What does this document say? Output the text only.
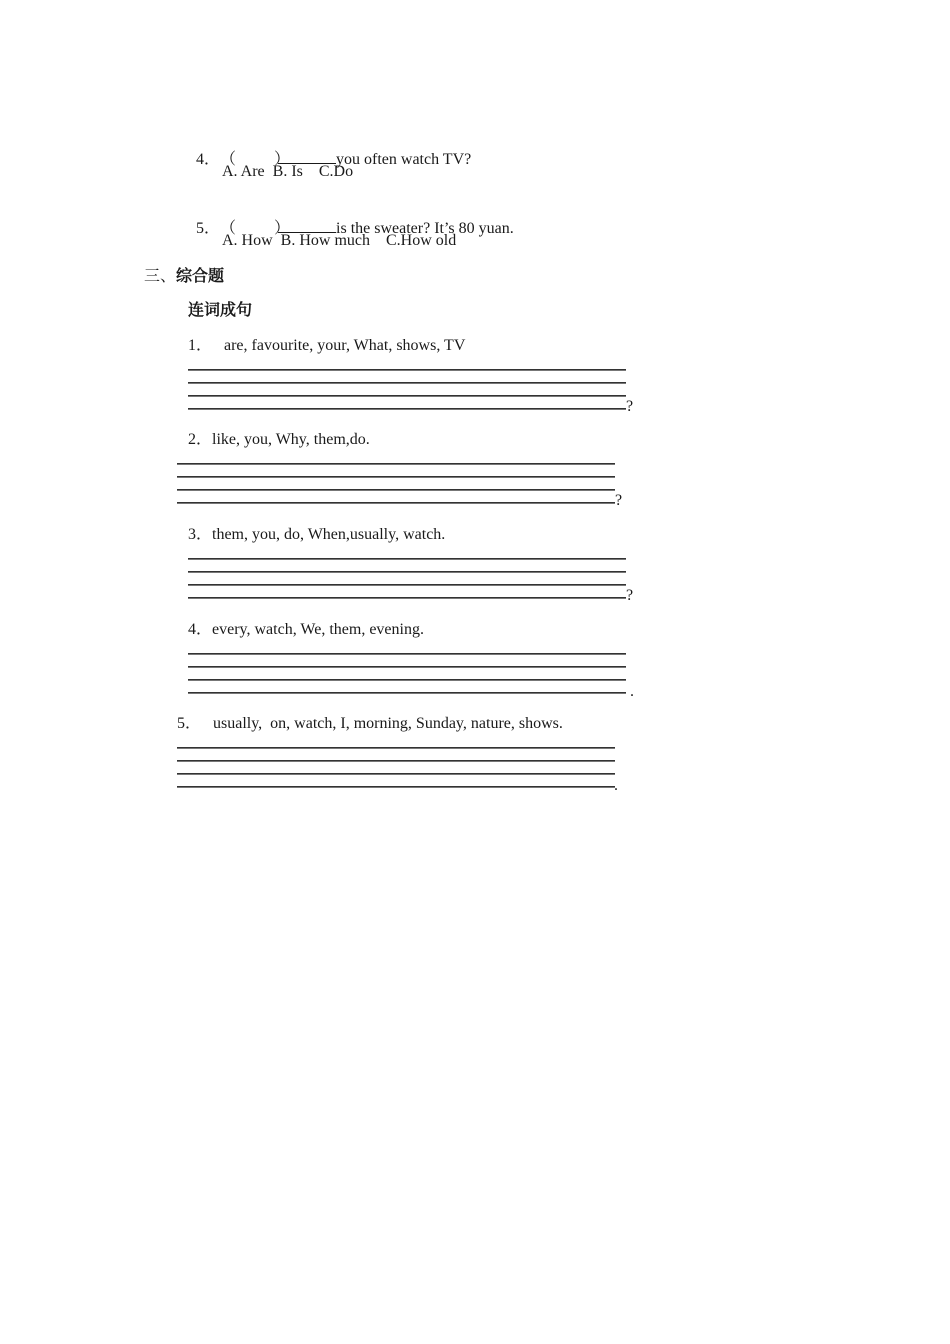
4．（ ）	you often watch TV?

A. Are  B. Is    C.Do

5．（ ）	is the sweater? It’s 80 yuan.

A. How  B. How much    C.How old
三、综合题
连词成句
1．   are, favourite, your, What, shows, TV
?
2．like, you, Why, them,do.
?
3．them, you, do, When,usually, watch.
?
4．every, watch, We, them, evening.
.
5．   usually,  on, watch, I, morning, Sunday, nature, shows.
.
